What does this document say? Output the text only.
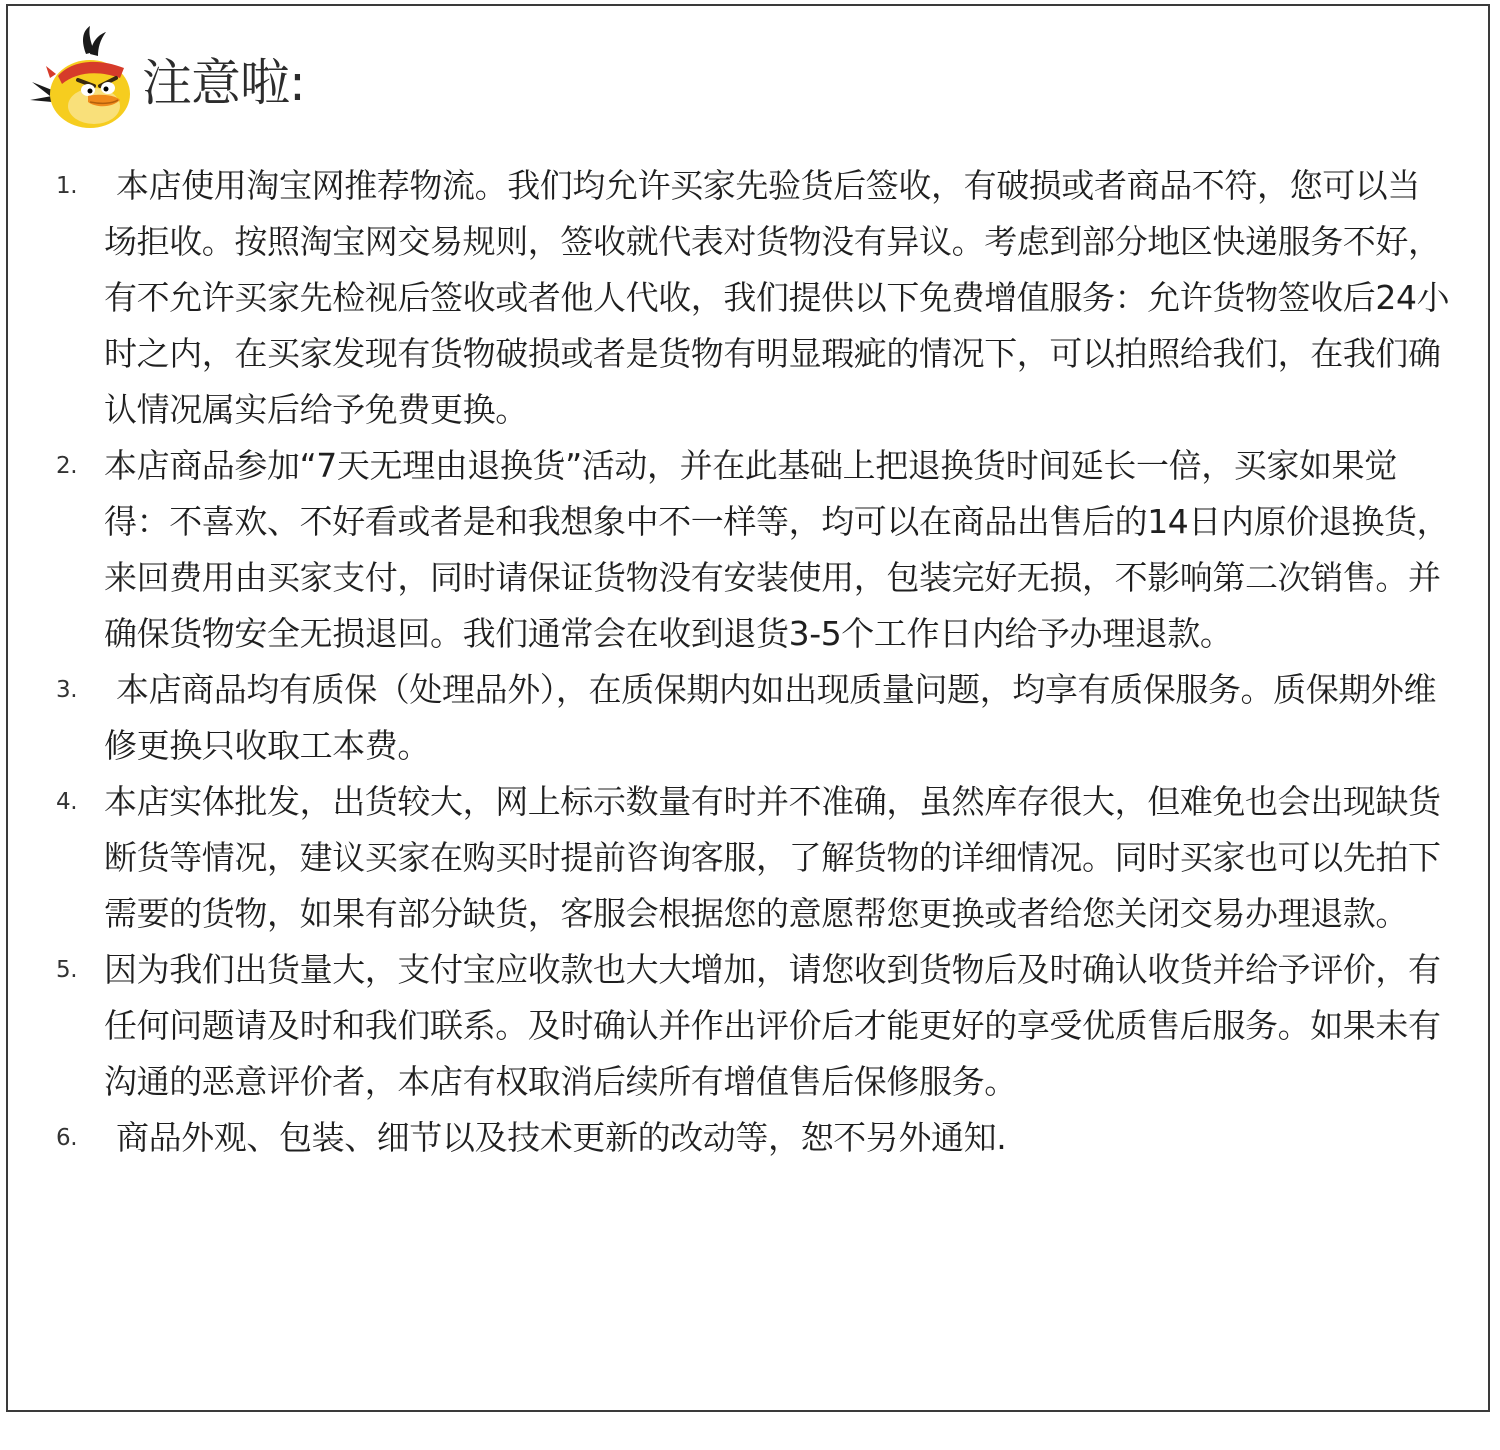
注意啦:
1.	本店使用淘宝网推荐物流。我们均允许买家先验货后签收，有破损或者商品不符，您可以当场拒收。按照淘宝网交易规则，签收就代表对货物没有异议。考虑到部分地区快递服务不好，有不允许买家先检视后签收或者他人代收，我们提供以下免费增值服务：允许货物签收后24小时之内，在买家发现有货物破损或者是货物有明显瑕疵的情况下，可以拍照给我们，在我们确认情况属实后给予免费更换。
2. 本店商品参加“7天无理由退换货”活动，并在此基础上把退换货时间延长一倍，买家如果觉得：不喜欢、不好看或者是和我想象中不一样等，均可以在商品出售后的14日内原价退换货，来回费用由买家支付，同时请保证货物没有安装使用，包装完好无损，不影响第二次销售。并确保货物安全无损退回。我们通常会在收到退货3-5个工作日内给予办理退款。
3.	本店商品均有质保（处理品外），在质保期内如出现质量问题，均享有质保服务。质保期外维修更换只收取工本费。
4. 本店实体批发，出货较大，网上标示数量有时并不准确，虽然库存很大，但难免也会出现缺货断货等情况，建议买家在购买时提前咨询客服，了解货物的详细情况。同时买家也可以先拍下需要的货物，如果有部分缺货，客服会根据您的意愿帮您更换或者给您关闭交易办理退款。
5. 因为我们出货量大，支付宝应收款也大大增加，请您收到货物后及时确认收货并给予评价，有任何问题请及时和我们联系。及时确认并作出评价后才能更好的享受优质售后服务。如果未有沟通的恶意评价者，本店有权取消后续所有增值售后保修服务。
6.	商品外观、包装、细节以及技术更新的改动等，恕不另外通知.
